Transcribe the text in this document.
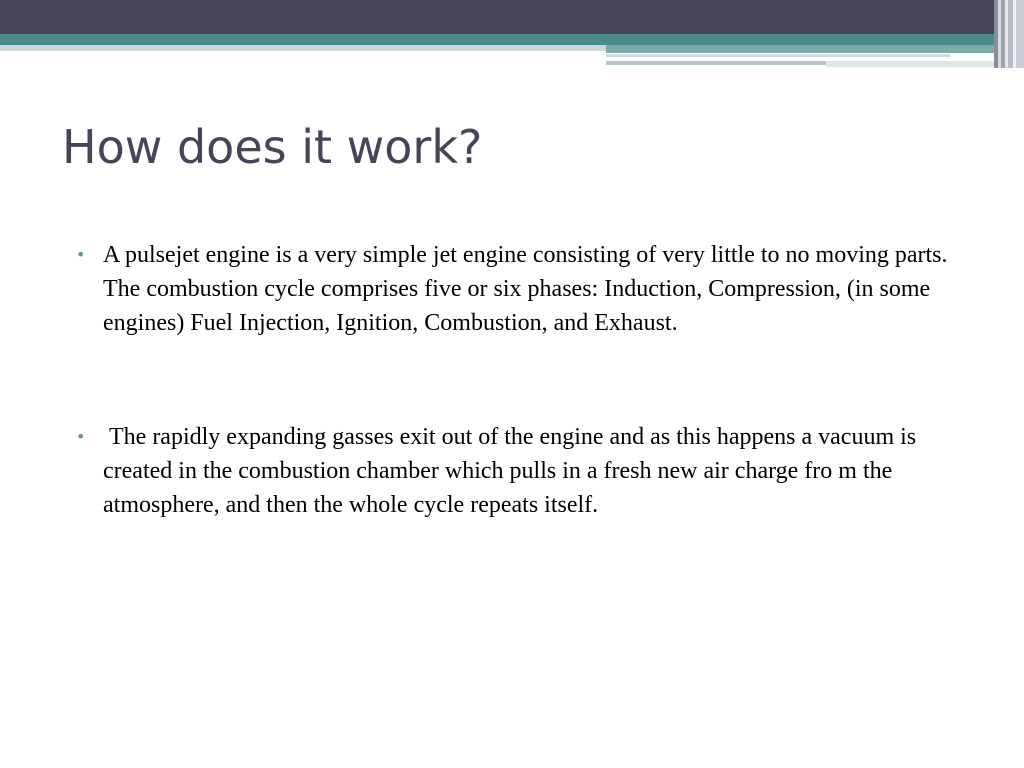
How does it work?
• A pulsejet engine is a very simple jet engine consisting of very little to no moving parts.  The combustion cycle comprises five or six phases: Induction, Compression, (in some engines) Fuel Injection, Ignition, Combustion, and Exhaust.
• The rapidly expanding gasses exit out of the engine and as this happens a vacuum is created in the combustion chamber which pulls in a fresh new air charge fro m the atmosphere, and then the whole cycle repeats itself.
